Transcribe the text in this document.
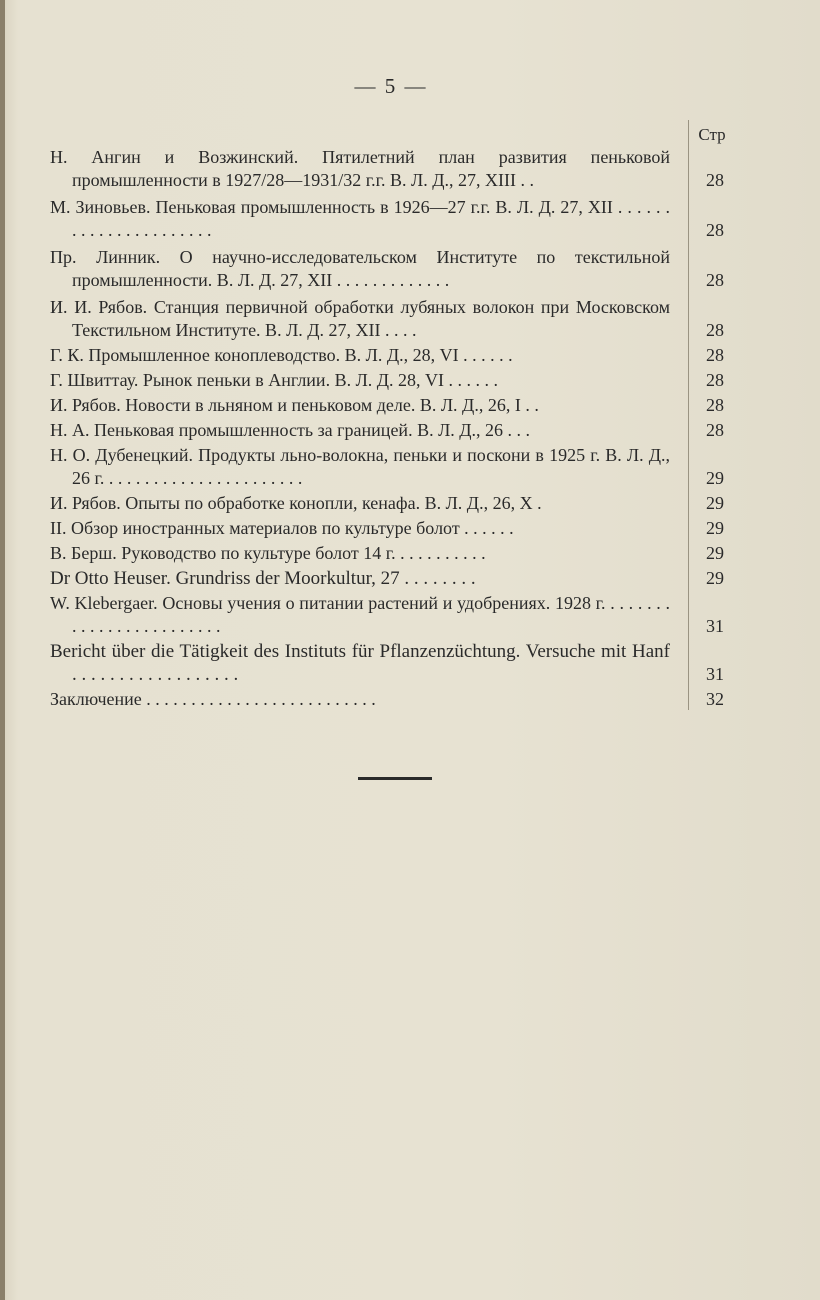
— 5 —
Стр
Н. Ангин и Возжинский. Пятилетний план развития пеньковой промышленности в 1927/28—1931/32 г.г. В. Л. Д., 27, XIII . .	28
М. Зиновьев. Пеньковая промышленность в 1926—27 г.г. В. Л. Д. 27, XII . . . . . . . . . . . . . . . . . . . . . .	28
Пр. Линник. О научно-исследовательском Институте по текстильной промышленности. В. Л. Д. 27, XII . . . . . . . . . . . . .	28
И. И. Рябов. Станция первичной обработки лубяных волокон при Московском Текстильном Институте. В. Л. Д. 27, XII . . . .	28
Г. К. Промышленное коноплеводство. В. Л. Д., 28, VI . . . . . .	28
Г. Швиттау. Рынок пеньки в Англии. В. Л. Д. 28, VI . . . . . .	28
И. Рябов. Новости в льняном и пеньковом деле. В. Л. Д., 26, I . .	28
Н. А. Пеньковая промышленность за границей. В. Л. Д., 26 . . .	28
Н. О. Дубенецкий. Продукты льно-волокна, пеньки и поскони в 1925 г. В. Л. Д., 26 г. . . . . . . . . . . . . . . . . . . . . . .	29
И. Рябов. Опыты по обработке конопли, кенафа. В. Л. Д., 26, Х .	29
II. Обзор иностранных материалов по культуре болот . . . . . .	29
В. Берш. Руководство по культуре болот 14 г. . . . . . . . . . .	29
Dr Otto Heuser. Grundriss der Moorkultur, 27 . . . . . . . .	29
W. Klebergaer. Основы учения о питании растений и удобрениях. 1928 г. . . . . . . . . . . . . . . . . . . . . . . . .	31
Bericht über die Tätigkeit des Instituts für Pflanzenzüchtung. Versuche mit Hanf . . . . . . . . . . . . . . . . . .	31
Заключение . . . . . . . . . . . . . . . . . . . . . . . . . .	32
